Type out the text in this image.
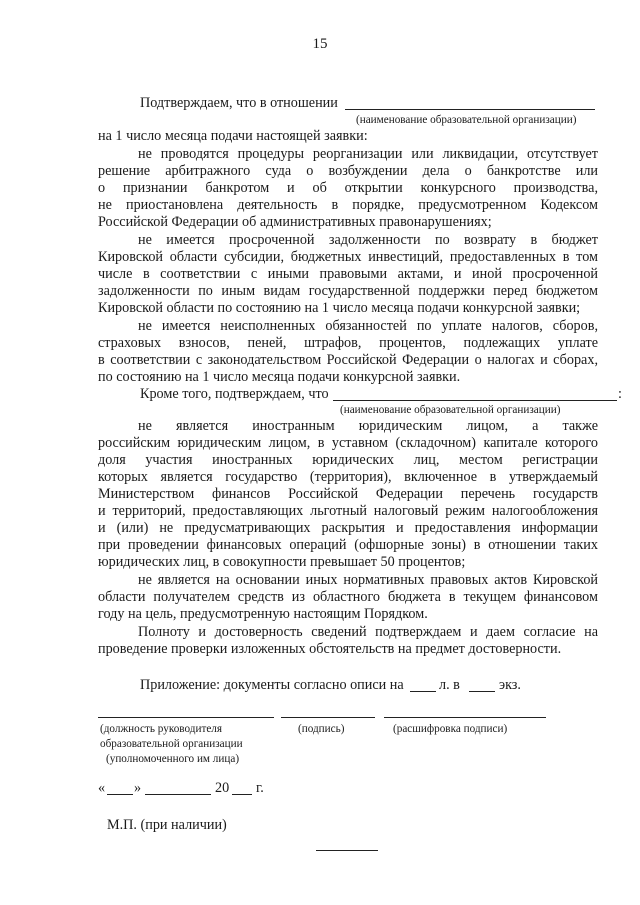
15
Подтверждаем, что в отношении
(наименование образовательной организации)
на 1 число месяца подачи настоящей заявки:
не проводятся процедуры реорганизации или ликвидации, отсутствует
решение арбитражного суда о возбуждении дела о банкротстве или
о признании банкротом и об открытии конкурсного производства,
не приостановлена деятельность в порядке, предусмотренном Кодексом
Российской Федерации об административных правонарушениях;
не имеется просроченной задолженности по возврату в бюджет
Кировской области субсидии, бюджетных инвестиций, предоставленных в том
числе в соответствии с иными правовыми актами, и иной просроченной
задолженности по иным видам государственной поддержки перед бюджетом
Кировской области по состоянию на 1 число месяца подачи конкурсной заявки;
не имеется неисполненных обязанностей по уплате налогов, сборов,
страховых взносов, пеней, штрафов, процентов, подлежащих уплате
в соответствии с законодательством Российской Федерации о налогах и сборах,
по состоянию на 1 число месяца подачи конкурсной заявки.
Кроме того, подтверждаем, что	:
(наименование образовательной организации)
не является иностранным юридическим лицом, а также
российским юридическим лицом, в уставном (складочном) капитале которого
доля участия иностранных юридических лиц, местом регистрации
которых является государство (территория), включенное в утверждаемый
Министерством финансов Российской Федерации перечень государств
и территорий, предоставляющих льготный налоговый режим налогообложения
и (или) не предусматривающих раскрытия и предоставления информации
при проведении финансовых операций (офшорные зоны) в отношении таких
юридических лиц, в совокупности превышает 50 процентов;
не является на основании иных нормативных правовых актов Кировской
области получателем средств из областного бюджета в текущем финансовом
году на цель, предусмотренную настоящим Порядком.
Полноту и достоверность сведений подтверждаем и даем согласие на
проведение проверки изложенных обстоятельств на предмет достоверности.
Приложение: документы согласно описи на л. в	экз.
(должность руководителя
образовательной организации
(уполномоченного им лица)
(подпись)	(расшифровка подписи)
« »	20 г.
М.П. (при наличии)
